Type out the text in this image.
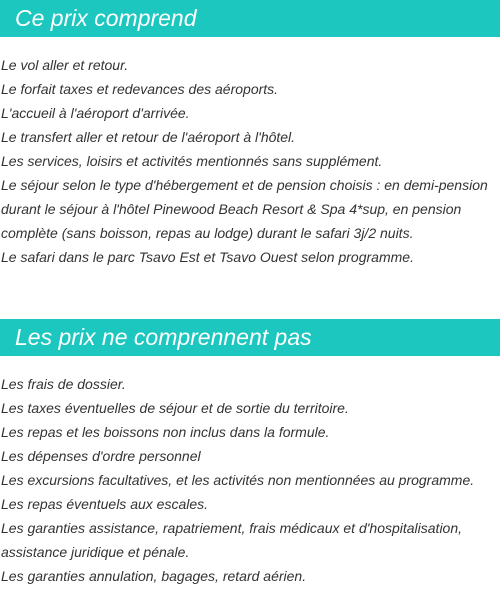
Ce prix comprend
Le vol aller et retour.
Le forfait taxes et redevances des aéroports.
L'accueil à l'aéroport d'arrivée.
Le transfert aller et retour de l'aéroport à l'hôtel.
Les services, loisirs et activités mentionnés sans supplément.
Le séjour selon le type d'hébergement et de pension choisis : en demi-pension durant le séjour à l'hôtel Pinewood Beach Resort & Spa 4*sup, en pension complète (sans boisson, repas au lodge) durant le safari 3j/2 nuits.
Le safari dans le parc Tsavo Est et Tsavo Ouest selon programme.
Les prix ne comprennent pas
Les frais de dossier.
Les taxes éventuelles de séjour et de sortie du territoire.
Les repas et les boissons non inclus dans la formule.
Les dépenses d'ordre personnel
Les excursions facultatives, et les activités non mentionnées au programme.
Les repas éventuels aux escales.
Les garanties assistance, rapatriement, frais médicaux et d'hospitalisation, assistance juridique et pénale.
Les garanties annulation, bagages, retard aérien.
